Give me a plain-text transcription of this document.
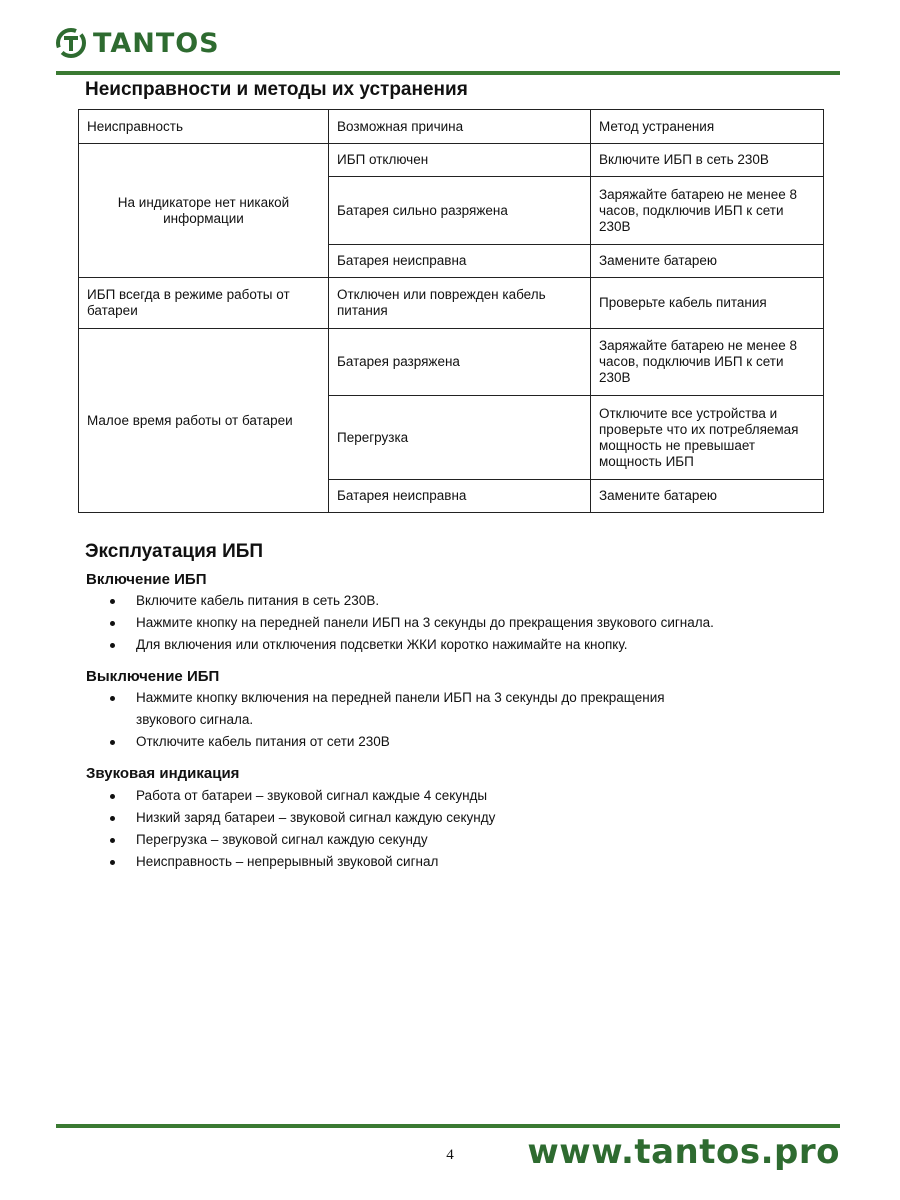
TANTOS
Неисправности и методы их устранения
Неисправность	Возможная причина	Метод устранения
На индикаторе нет никакой информации	ИБП отключен	Включите ИБП в сеть 230В
	Батарея сильно разряжена	Заряжайте батарею не менее 8 часов, подключив ИБП к сети 230В
	Батарея неисправна	Замените батарею
ИБП всегда в режиме работы от батареи	Отключен или поврежден кабель питания	Проверьте кабель питания
Малое время работы от батареи	Батарея разряжена	Заряжайте батарею не менее 8 часов, подключив ИБП к сети 230В
	Перегрузка	Отключите все устройства и проверьте что их потребляемая мощность не превышает мощность ИБП
	Батарея неисправна	Замените батарею
Эксплуатация ИБП
Включение ИБП
Включите кабель питания в сеть 230В.
Нажмите кнопку на передней панели ИБП на 3 секунды до прекращения звукового сигнала.
Для включения или отключения подсветки ЖКИ коротко нажимайте на кнопку.
Выключение ИБП
Нажмите кнопку включения на передней панели ИБП на 3 секунды до прекращения звукового сигнала.
Отключите кабель питания от сети 230В
Звуковая индикация
Работа от батареи – звуковой сигнал каждые 4 секунды
Низкий заряд батареи – звуковой сигнал каждую секунду
Перегрузка – звуковой сигнал каждую секунду
Неисправность – непрерывный звуковой сигнал
4 www.tantos.pro
